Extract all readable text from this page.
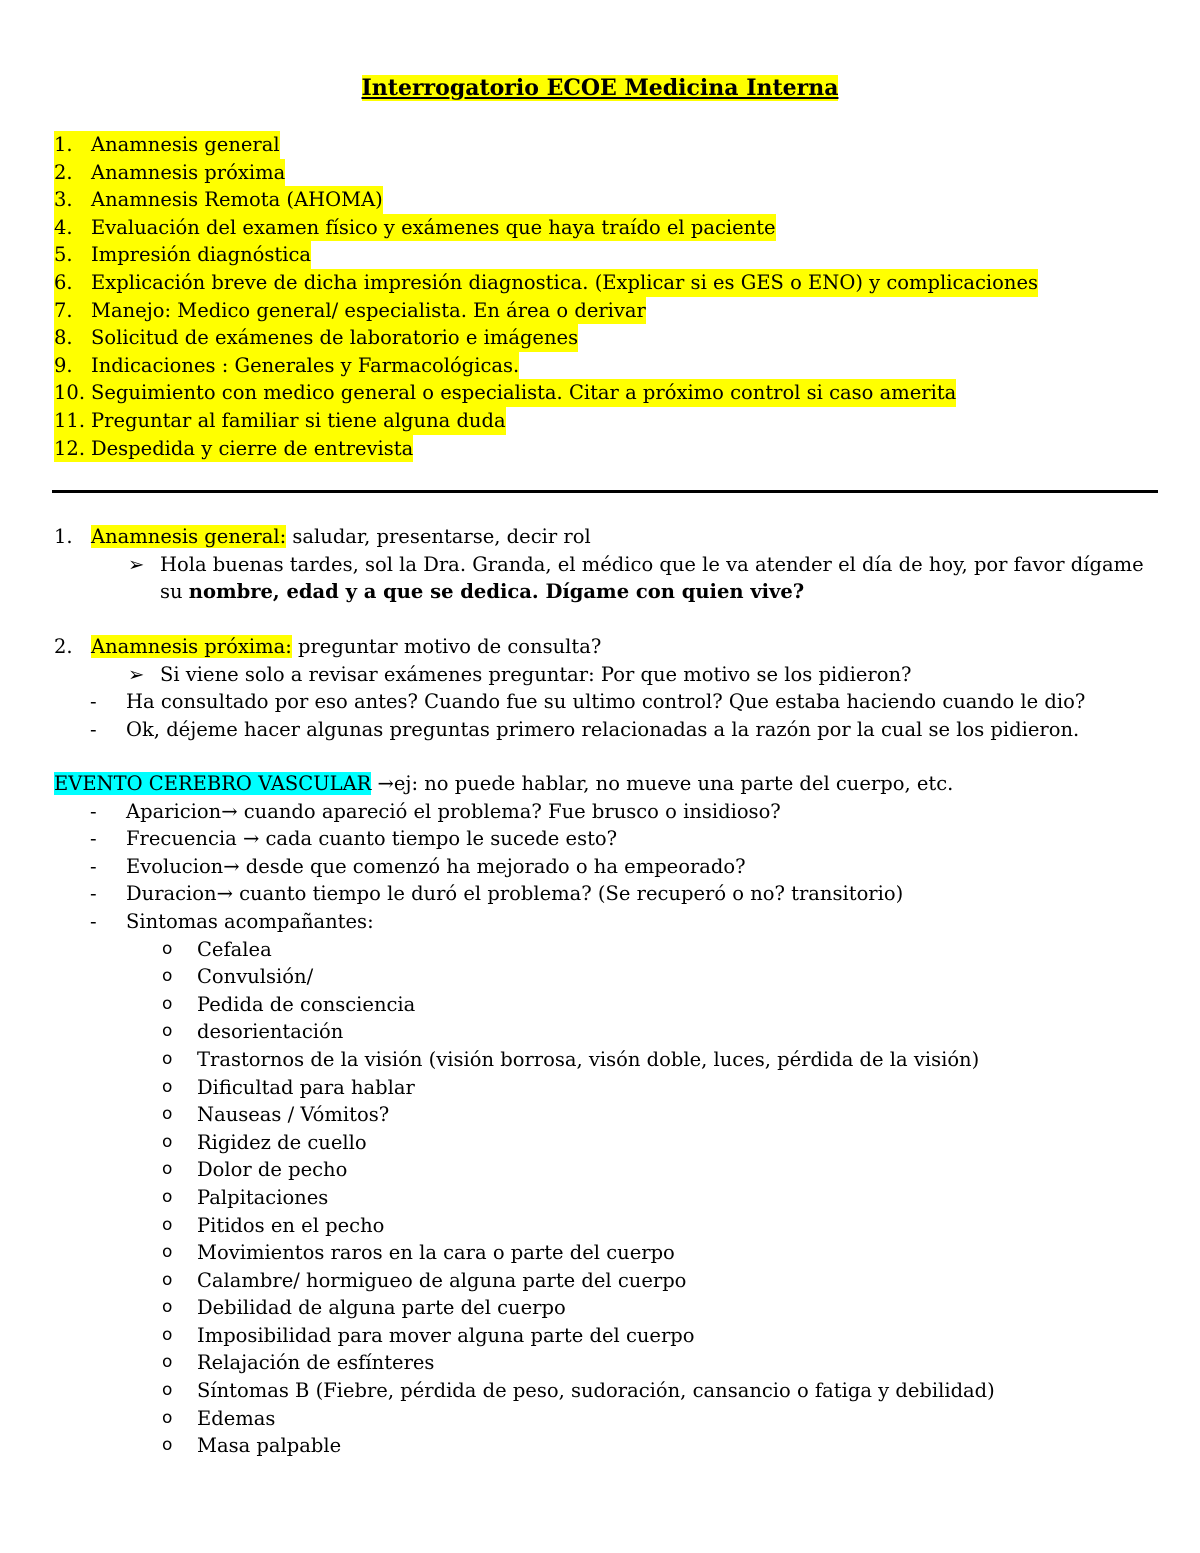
Interrogatorio ECOE Medicina Interna
1. Anamnesis general
2. Anamnesis próxima
3. Anamnesis Remota (AHOMA)
4. Evaluación del examen físico y exámenes que haya traído el paciente
5. Impresión diagnóstica
6. Explicación breve de dicha impresión diagnostica. (Explicar si es GES o ENO) y complicaciones
7. Manejo: Medico general/ especialista. En área o derivar
8. Solicitud de exámenes de laboratorio e imágenes
9. Indicaciones : Generales y Farmacológicas.
10. Seguimiento con medico general o especialista. Citar a próximo control si caso amerita
11. Preguntar al familiar si tiene alguna duda
12. Despedida y cierre de entrevista
1. Anamnesis general: saludar, presentarse, decir rol
➢ Hola buenas tardes, sol la Dra. Granda, el médico que le va atender el día de hoy, por favor dígame
su nombre, edad y a que se dedica. Dígame con quien vive?
2. Anamnesis próxima: preguntar motivo de consulta?
➢ Si viene solo a revisar exámenes preguntar: Por que motivo se los pidieron?
- Ha consultado por eso antes? Cuando fue su ultimo control? Que estaba haciendo cuando le dio?
- Ok, déjeme hacer algunas preguntas primero relacionadas a la razón por la cual se los pidieron.
EVENTO CEREBRO VASCULAR →ej: no puede hablar, no mueve una parte del cuerpo, etc.
- Aparicion→ cuando apareció el problema? Fue brusco o insidioso?
- Frecuencia → cada cuanto tiempo le sucede esto?
- Evolucion→ desde que comenzó ha mejorado o ha empeorado?
- Duracion→ cuanto tiempo le duró el problema? (Se recuperó o no? transitorio)
- Sintomas acompañantes:
o Cefalea
o Convulsión/
o Pedida de consciencia
o desorientación
o Trastornos de la visión (visión borrosa, visón doble, luces, pérdida de la visión)
o Dificultad para hablar
o Nauseas / Vómitos?
o Rigidez de cuello
o Dolor de pecho
o Palpitaciones
o Pitidos en el pecho
o Movimientos raros en la cara o parte del cuerpo
o Calambre/ hormigueo de alguna parte del cuerpo
o Debilidad de alguna parte del cuerpo
o Imposibilidad para mover alguna parte del cuerpo
o Relajación de esfínteres
o Síntomas B (Fiebre, pérdida de peso, sudoración, cansancio o fatiga y debilidad)
o Edemas
o Masa palpable
